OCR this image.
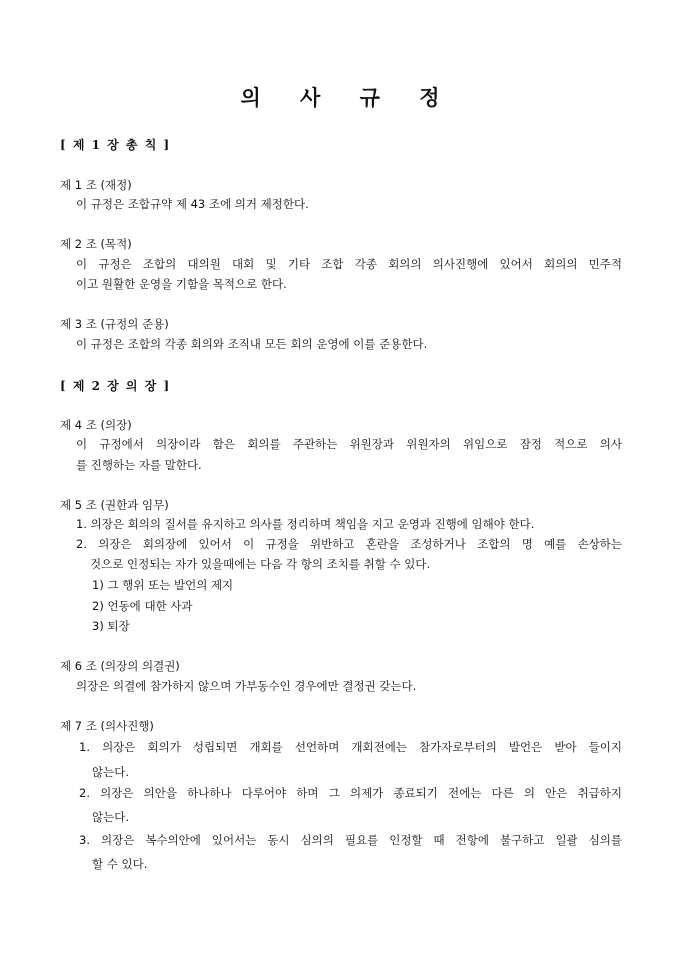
의 사 규 정
[ 제 1 장 총 칙 ]
제 1 조 (재정)
이 규정은 조합규약 제 43 조에 의거 제정한다.
제 2 조 (목적)
이 규정은 조합의 대의원 대회 및 기타 조합 각종 회의의 의사진행에 있어서 회의의 민주적
이고 원활한 운영을 기함을 목적으로 한다.
제 3 조 (규정의 준용)
이 규정은 조합의 각종 회의와 조직내 모든 회의 운영에 이를 준용한다.
[ 제 2 장 의 장 ]
제 4 조 (의장)
이 규정에서 의장이라 함은 회의를 주관하는 위원장과 위원자의 위임으로 잠정 적으로 의사
를 진행하는 자를 말한다.
제 5 조 (권한과 임무)
1. 의장은 회의의 질서를 유지하고 의사를 정리하며 책임을 지고 운영과 진행에 임해야 한다.
2. 의장은 회의장에 있어서 이 규정을 위반하고 혼란을 조성하거나 조합의 명 예를 손상하는
것으로 인정되는 자가 있을때에는 다음 각 항의 조치를 취할 수 있다.
1) 그 행위 또는 발언의 제지
2) 언동에 대한 사과
3) 퇴장
제 6 조 (의장의 의결권)
의장은 의결에 참가하지 않으며 가부동수인 경우에만 결정권 갖는다.
제 7 조 (의사진행)
1. 의장은 회의가 성립되면 개회를 선언하며 개회전에는 참가자로부터의 발언은 받아 들이지
않는다.
2. 의장은 의안을 하나하나 다루어야 하며 그 의제가 종료되기 전에는 다른 의 안은 취급하지
않는다.
3. 의장은 복수의안에 있어서는 동시 심의의 필요를 인정할 때 전항에 불구하고 일괄 심의를
할 수 있다.
